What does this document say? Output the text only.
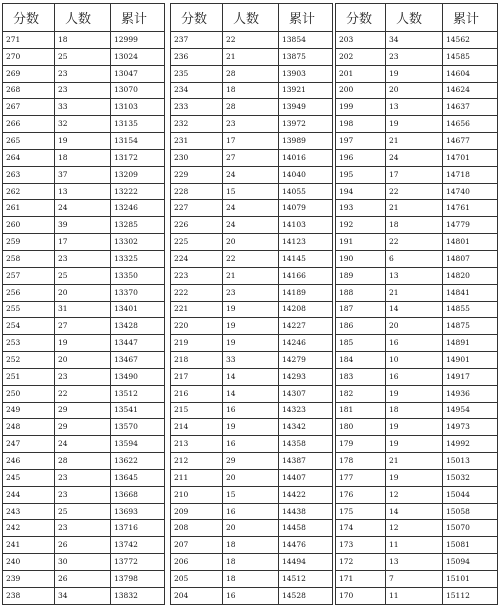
分数	人数	累计
271	18	12999
270	25	13024
269	23	13047
268	23	13070
267	33	13103
266	32	13135
265	19	13154
264	18	13172
263	37	13209
262	13	13222
261	24	13246
260	39	13285
259	17	13302
258	23	13325
257	25	13350
256	20	13370
255	31	13401
254	27	13428
253	19	13447
252	20	13467
251	23	13490
250	22	13512
249	29	13541
248	29	13570
247	24	13594
246	28	13622
245	23	13645
244	23	13668
243	25	13693
242	23	13716
241	26	13742
240	30	13772
239	26	13798
238	34	13832
分数	人数	累计
237	22	13854
236	21	13875
235	28	13903
234	18	13921
233	28	13949
232	23	13972
231	17	13989
230	27	14016
229	24	14040
228	15	14055
227	24	14079
226	24	14103
225	20	14123
224	22	14145
223	21	14166
222	23	14189
221	19	14208
220	19	14227
219	19	14246
218	33	14279
217	14	14293
216	14	14307
215	16	14323
214	19	14342
213	16	14358
212	29	14387
211	20	14407
210	15	14422
209	16	14438
208	20	14458
207	18	14476
206	18	14494
205	18	14512
204	16	14528
分数	人数	累计
203	34	14562
202	23	14585
201	19	14604
200	20	14624
199	13	14637
198	19	14656
197	21	14677
196	24	14701
195	17	14718
194	22	14740
193	21	14761
192	18	14779
191	22	14801
190	6	14807
189	13	14820
188	21	14841
187	14	14855
186	20	14875
185	16	14891
184	10	14901
183	16	14917
182	19	14936
181	18	14954
180	19	14973
179	19	14992
178	21	15013
177	19	15032
176	12	15044
175	14	15058
174	12	15070
173	11	15081
172	13	15094
171	7	15101
170	11	15112
